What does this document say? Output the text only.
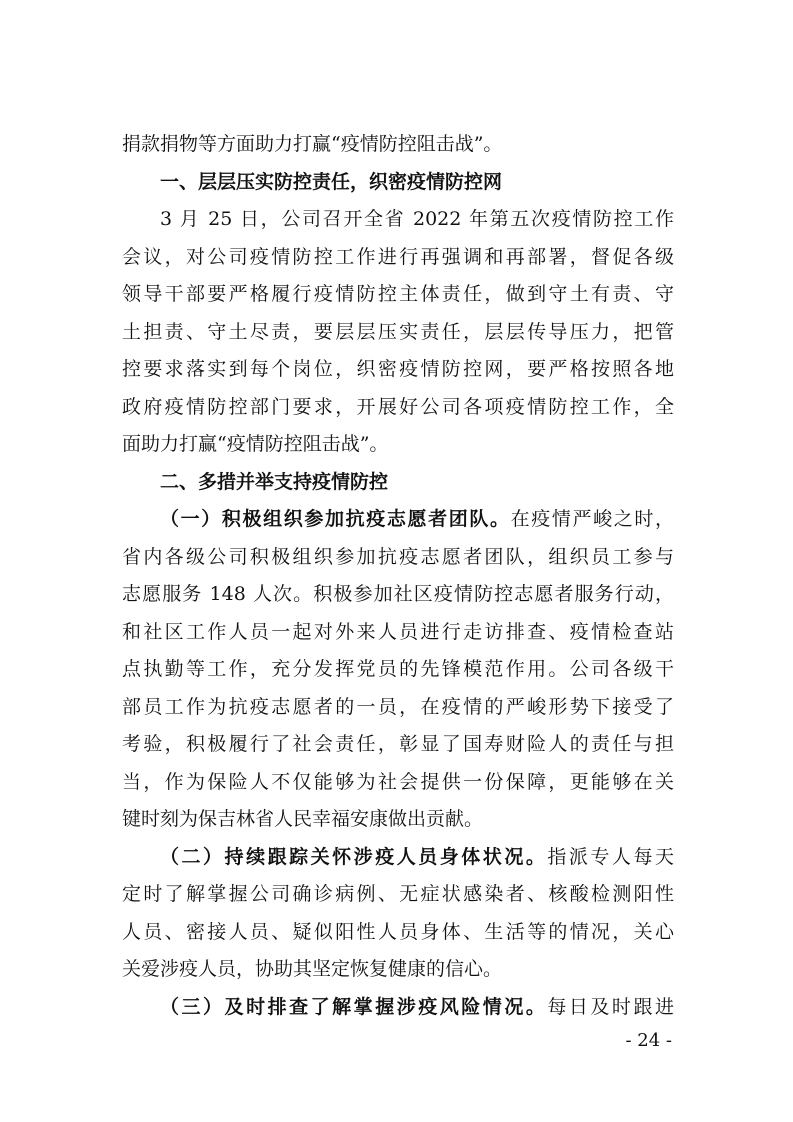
捐款捐物等方面助力打赢“疫情防控阻击战”。
一、层层压实防控责任，织密疫情防控网
3 月 25 日，公司召开全省 2022 年第五次疫情防控工作
会议，对公司疫情防控工作进行再强调和再部署，督促各级
领导干部要严格履行疫情防控主体责任，做到守土有责、守
土担责、守土尽责，要层层压实责任，层层传导压力，把管
控要求落实到每个岗位，织密疫情防控网，要严格按照各地
政府疫情防控部门要求，开展好公司各项疫情防控工作，全
面助力打赢“疫情防控阻击战”。
二、多措并举支持疫情防控
（一）积极组织参加抗疫志愿者团队。在疫情严峻之时，
省内各级公司积极组织参加抗疫志愿者团队，组织员工参与
志愿服务 148 人次。积极参加社区疫情防控志愿者服务行动，
和社区工作人员一起对外来人员进行走访排查、疫情检查站
点执勤等工作，充分发挥党员的先锋模范作用。公司各级干
部员工作为抗疫志愿者的一员，在疫情的严峻形势下接受了
考验，积极履行了社会责任，彰显了国寿财险人的责任与担
当，作为保险人不仅能够为社会提供一份保障，更能够在关
键时刻为保吉林省人民幸福安康做出贡献。
（二）持续跟踪关怀涉疫人员身体状况。指派专人每天
定时了解掌握公司确诊病例、无症状感染者、核酸检测阳性
人员、密接人员、疑似阳性人员身体、生活等的情况，关心
关爱涉疫人员，协助其坚定恢复健康的信心。
（三）及时排查了解掌握涉疫风险情况。每日及时跟进
- 24 -
